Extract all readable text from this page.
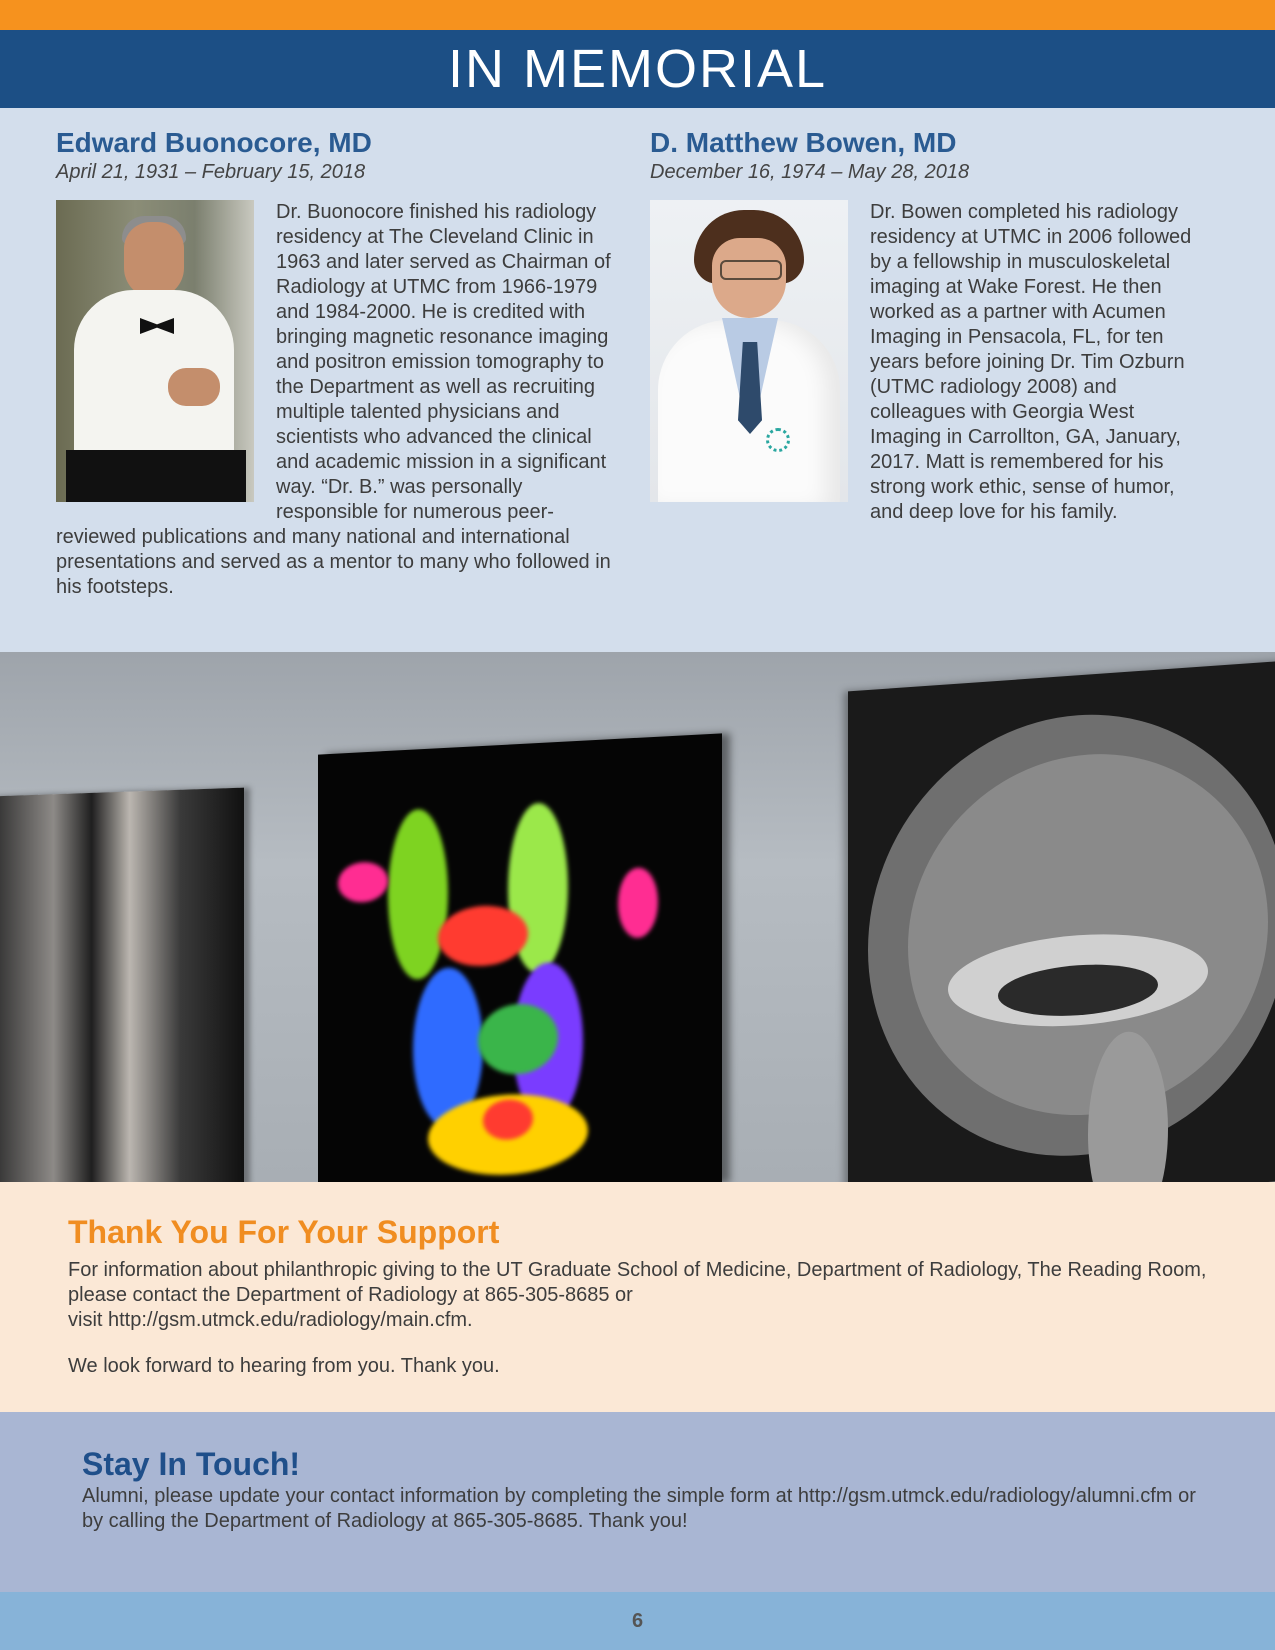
IN MEMORIAL
Edward Buonocore, MD
April 21, 1931 – February 15, 2018

Dr. Buonocore finished his radiology residency at The Cleveland Clinic in 1963 and later served as Chairman of Radiology at UTMC from 1966-1979 and 1984-2000. He is credited with bringing magnetic resonance imaging and positron emission tomography to the Department as well as recruiting multiple talented physicians and scientists who advanced the clinical and academic mission in a significant way. “Dr. B.” was personally responsible for numerous peer-reviewed publications and many national and international presentations and served as a mentor to many who followed in his footsteps.

D. Matthew Bowen, MD
December 16, 1974 – May 28, 2018

Dr. Bowen completed his radiology residency at UTMC in 2006 followed by a fellowship in musculoskeletal imaging at Wake Forest. He then worked as a partner with Acumen Imaging in Pensacola, FL, for ten years before joining Dr. Tim Ozburn (UTMC radiology 2008) and colleagues with Georgia West Imaging in Carrollton, GA, January, 2017. Matt is remembered for his strong work ethic, sense of humor, and deep love for his family.

Thank You For Your Support

For information about philanthropic giving to the UT Graduate School of Medicine, Department of Radiology, The Reading Room, please contact the Department of Radiology at 865-305-8685 or
visit http://gsm.utmck.edu/radiology/main.cfm.

We look forward to hearing from you. Thank you.

Stay In Touch!

Alumni, please update your contact information by completing the simple form at http://gsm.utmck.edu/radiology/alumni.cfm or by calling the Department of Radiology at 865-305-8685. Thank you!

6
